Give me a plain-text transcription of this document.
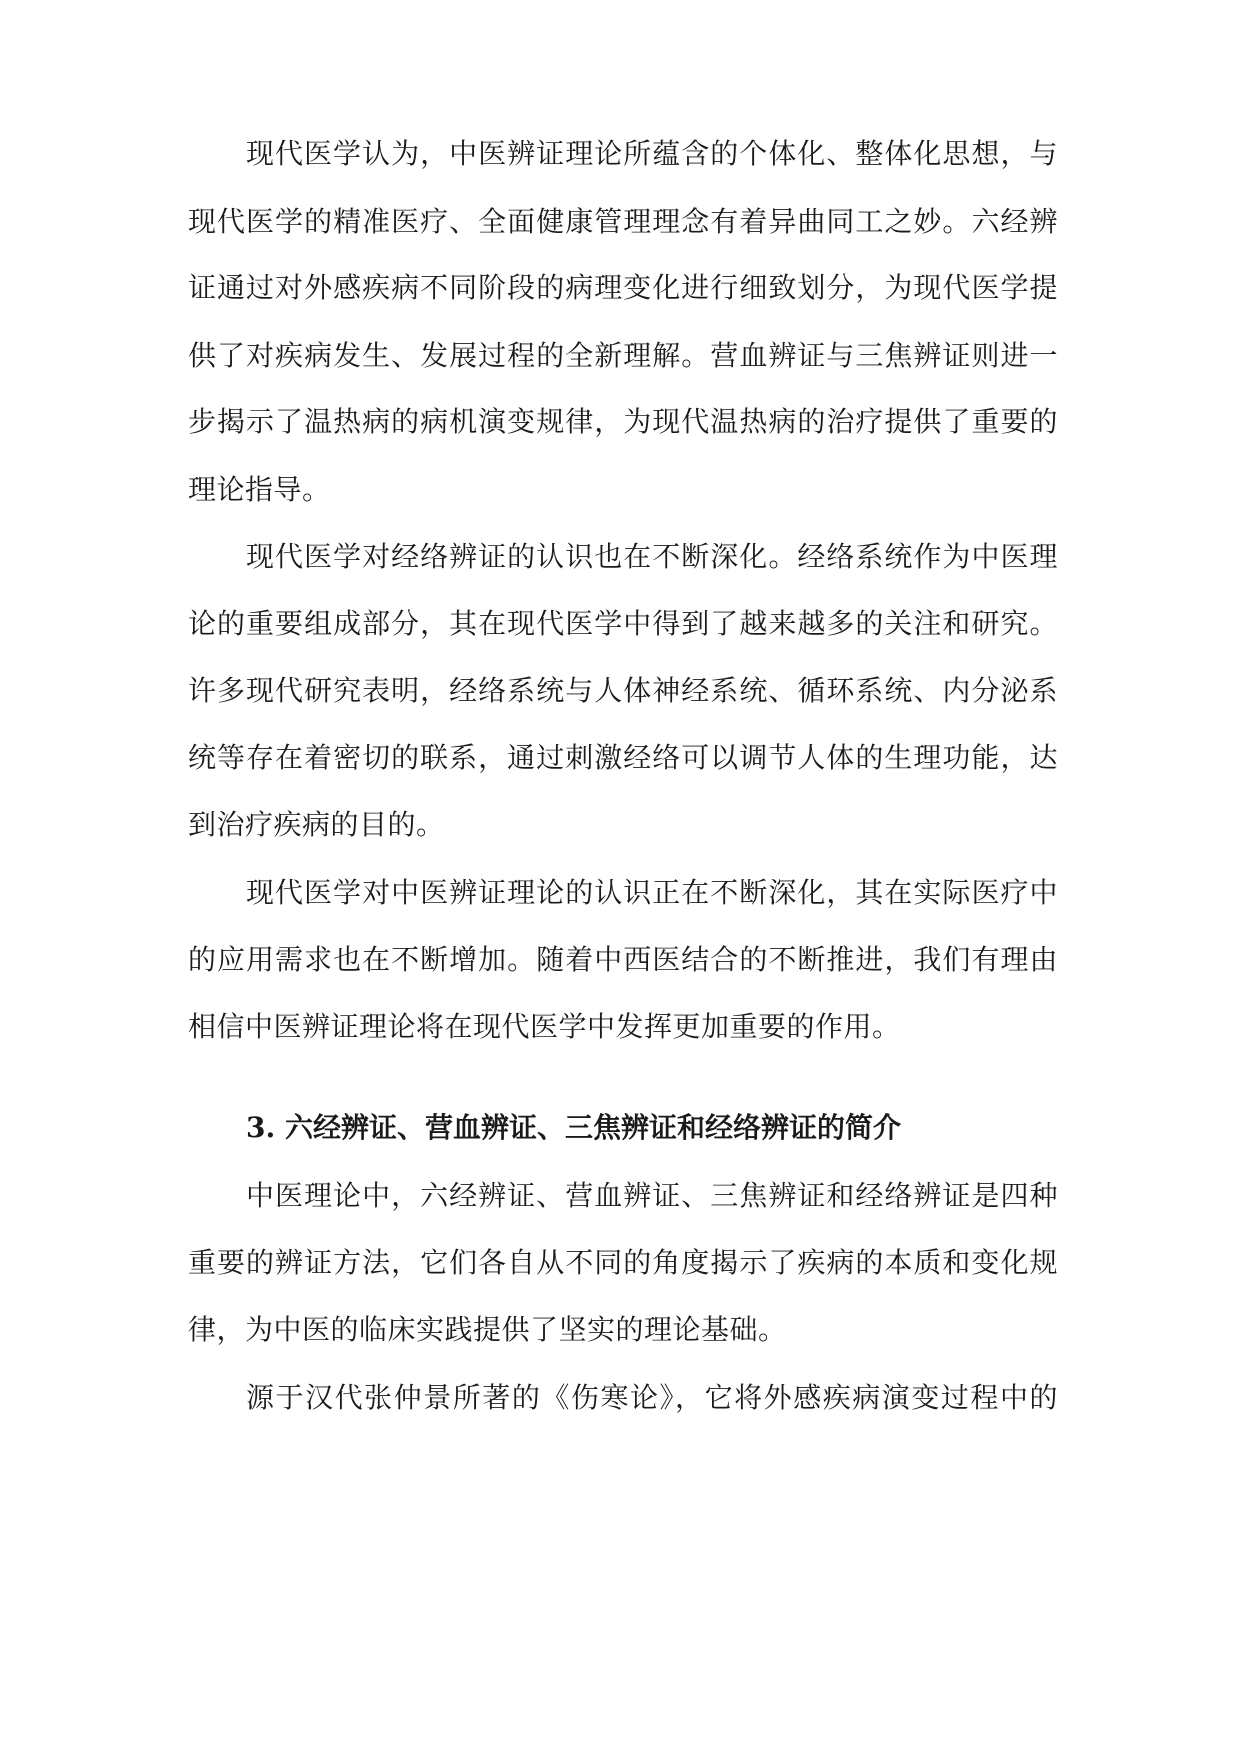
现代医学认为，中医辨证理论所蕴含的个体化、整体化思想，与
现代医学的精准医疗、全面健康管理理念有着异曲同工之妙。六经辨
证通过对外感疾病不同阶段的病理变化进行细致划分，为现代医学提
供了对疾病发生、发展过程的全新理解。营血辨证与三焦辨证则进一
步揭示了温热病的病机演变规律，为现代温热病的治疗提供了重要的
理论指导。
现代医学对经络辨证的认识也在不断深化。经络系统作为中医理
论的重要组成部分，其在现代医学中得到了越来越多的关注和研究。
许多现代研究表明，经络系统与人体神经系统、循环系统、内分泌系
统等存在着密切的联系，通过刺激经络可以调节人体的生理功能，达
到治疗疾病的目的。
现代医学对中医辨证理论的认识正在不断深化，其在实际医疗中
的应用需求也在不断增加。随着中西医结合的不断推进，我们有理由
相信中医辨证理论将在现代医学中发挥更加重要的作用。
3. 六经辨证、营血辨证、三焦辨证和经络辨证的简介
中医理论中，六经辨证、营血辨证、三焦辨证和经络辨证是四种
重要的辨证方法，它们各自从不同的角度揭示了疾病的本质和变化规
律，为中医的临床实践提供了坚实的理论基础。
源于汉代张仲景所著的《伤寒论》，它将外感疾病演变过程中的
